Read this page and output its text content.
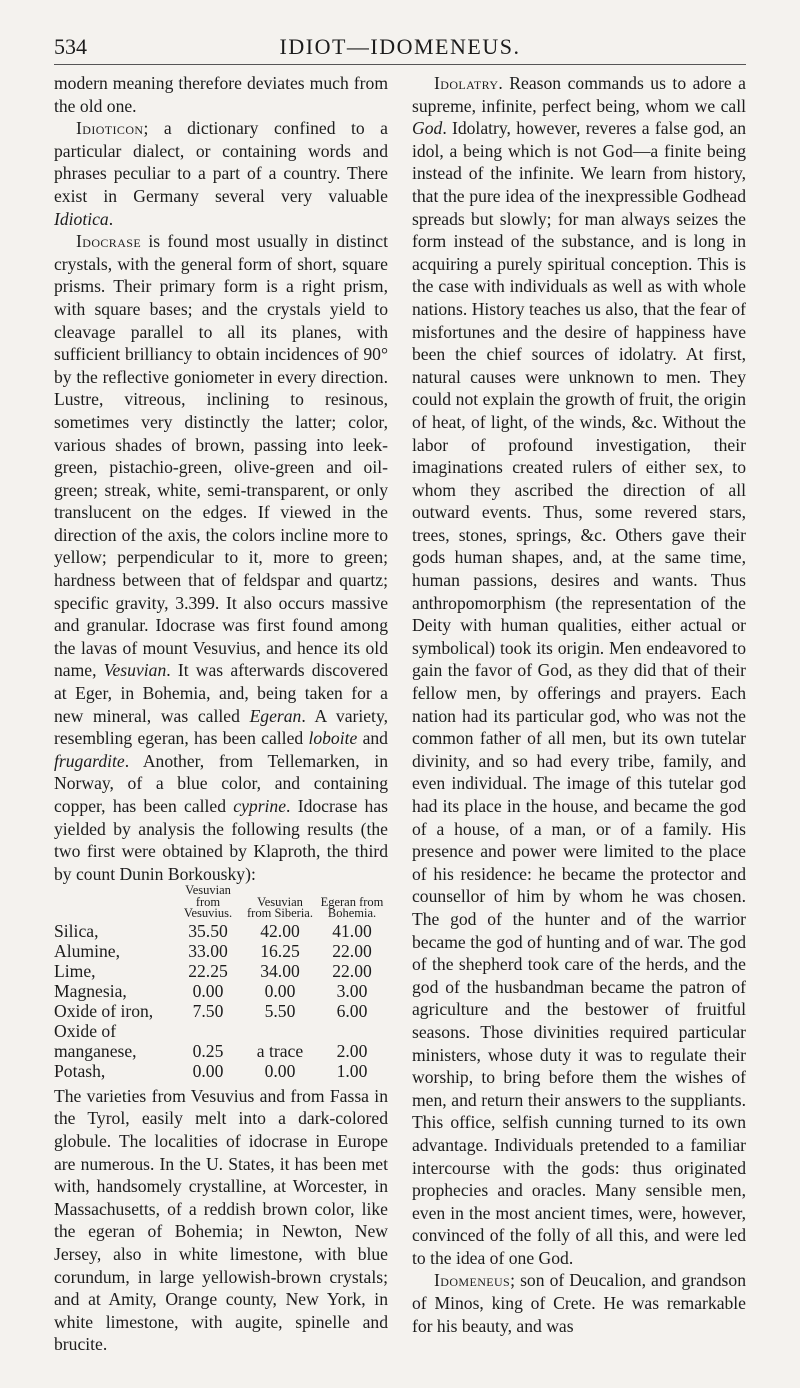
534	IDIOT—IDOMENEUS.

modern meaning therefore deviates much from the old one.

Idioticon; a dictionary confined to a particular dialect, or containing words and phrases peculiar to a part of a country. There exist in Germany several very valuable Idiotica.

Idocrase is found most usually in distinct crystals, with the general form of short, square prisms. Their primary form is a right prism, with square bases; and the crystals yield to cleavage parallel to all its planes, with sufficient brilliancy to obtain incidences of 90° by the reflective goniometer in every direction. Lustre, vitreous, inclining to resinous, sometimes very distinctly the latter; color, various shades of brown, passing into leek-green, pistachio-green, olive-green and oil-green; streak, white, semi-transparent, or only translucent on the edges. If viewed in the direction of the axis, the colors incline more to yellow; perpendicular to it, more to green; hardness between that of feldspar and quartz; specific gravity, 3.399. It also occurs massive and granular. Idocrase was first found among the lavas of mount Vesuvius, and hence its old name, Vesuvian. It was afterwards discovered at Eger, in Bohemia, and, being taken for a new mineral, was called Egeran. A variety, resembling egeran, has been called loboite and frugardite. Another, from Tellemarken, in Norway, of a blue color, and containing copper, has been called cyprine. Idocrase has yielded by analysis the following results (the two first were obtained by Klaproth, the third by count Dunin Borkousky):

	Vesuvian from Vesuvius.	Vesuvian from Siberia.	Egeran from Bohemia.
Silica,	35.50	42.00	41.00
Alumine,	33.00	16.25	22.00
Lime,	22.25	34.00	22.00
Magnesia,	0.00	0.00	3.00
Oxide of iron,	7.50	5.50	6.00
Oxide of manganese,	0.25	a trace	2.00
Potash,	0.00	0.00	1.00

The varieties from Vesuvius and from Fassa in the Tyrol, easily melt into a dark-colored globule. The localities of idocrase in Europe are numerous. In the U. States, it has been met with, handsomely crystalline, at Worcester, in Massachusetts, of a reddish brown color, like the egeran of Bohemia; in Newton, New Jersey, also in white limestone, with blue corundum, in large yellowish-brown crystals; and at Amity, Orange county, New York, in white limestone, with augite, spinelle and brucite.

Idolatry. Reason commands us to adore a supreme, infinite, perfect being, whom we call God. Idolatry, however, reveres a false god, an idol, a being which is not God—a finite being instead of the infinite. We learn from history, that the pure idea of the inexpressible Godhead spreads but slowly; for man always seizes the form instead of the substance, and is long in acquiring a purely spiritual conception. This is the case with individuals as well as with whole nations. History teaches us also, that the fear of misfortunes and the desire of happiness have been the chief sources of idolatry. At first, natural causes were unknown to men. They could not explain the growth of fruit, the origin of heat, of light, of the winds, &c. Without the labor of profound investigation, their imaginations created rulers of either sex, to whom they ascribed the direction of all outward events. Thus, some revered stars, trees, stones, springs, &c. Others gave their gods human shapes, and, at the same time, human passions, desires and wants. Thus anthropomorphism (the representation of the Deity with human qualities, either actual or symbolical) took its origin. Men endeavored to gain the favor of God, as they did that of their fellow men, by offerings and prayers. Each nation had its particular god, who was not the common father of all men, but its own tutelar divinity, and so had every tribe, family, and even individual. The image of this tutelar god had its place in the house, and became the god of a house, of a man, or of a family. His presence and power were limited to the place of his residence: he became the protector and counsellor of him by whom he was chosen. The god of the hunter and of the warrior became the god of hunting and of war. The god of the shepherd took care of the herds, and the god of the husbandman became the patron of agriculture and the bestower of fruitful seasons. Those divinities required particular ministers, whose duty it was to regulate their worship, to bring before them the wishes of men, and return their answers to the suppliants. This office, selfish cunning turned to its own advantage. Individuals pretended to a familiar intercourse with the gods: thus originated prophecies and oracles. Many sensible men, even in the most ancient times, were, however, convinced of the folly of all this, and were led to the idea of one God.

Idomeneus; son of Deucalion, and grandson of Minos, king of Crete. He was remarkable for his beauty, and was
